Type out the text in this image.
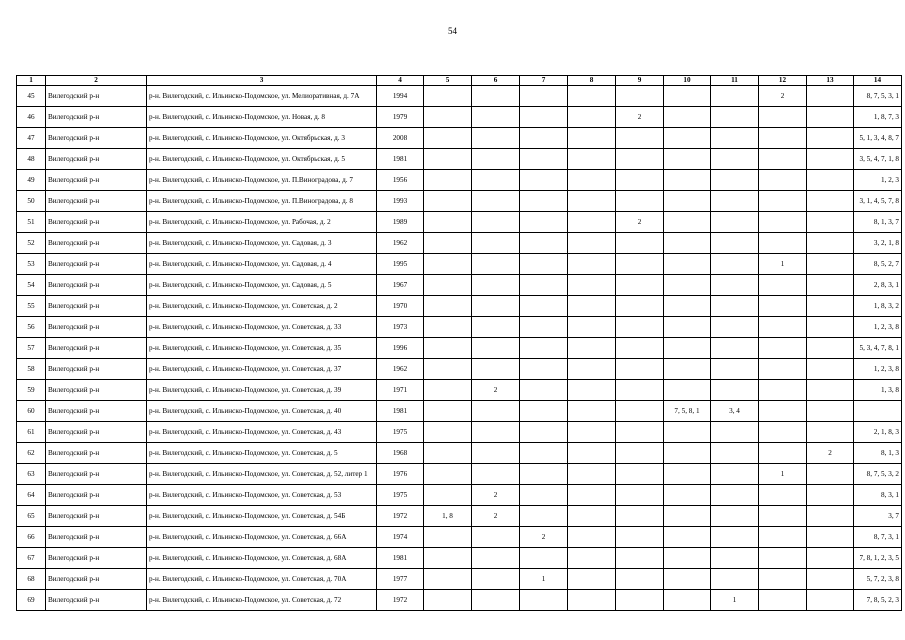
54
1	2	3	4	5	6	7	8	9	10	11	12	13	14
45	Вилегодский р-н	р-н. Вилегодский, с. Ильинско-Подомское, ул. Мелиоративная, д. 7А	1994								2		8, 7, 5, 3, 1
46	Вилегодский р-н	р-н. Вилегодский, с. Ильинско-Подомское, ул. Новая, д. 8	1979					2					1, 8, 7, 3
47	Вилегодский р-н	р-н. Вилегодский, с. Ильинско-Подомское, ул. Октябрьская, д. 3	2008										5, 1, 3, 4, 8, 7
48	Вилегодский р-н	р-н. Вилегодский, с. Ильинско-Подомское, ул. Октябрьская, д. 5	1981										3, 5, 4, 7, 1, 8
49	Вилегодский р-н	р-н. Вилегодский, с. Ильинско-Подомское, ул. П.Виноградова, д. 7	1956										1, 2, 3
50	Вилегодский р-н	р-н. Вилегодский, с. Ильинско-Подомское, ул. П.Виноградова, д. 8	1993										3, 1, 4, 5, 7, 8
51	Вилегодский р-н	р-н. Вилегодский, с. Ильинско-Подомское, ул. Рабочая, д. 2	1989					2					8, 1, 3, 7
52	Вилегодский р-н	р-н. Вилегодский, с. Ильинско-Подомское, ул. Садовая, д. 3	1962										3, 2, 1, 8
53	Вилегодский р-н	р-н. Вилегодский, с. Ильинско-Подомское, ул. Садовая, д. 4	1995								1		8, 5, 2, 7
54	Вилегодский р-н	р-н. Вилегодский, с. Ильинско-Подомское, ул. Садовая, д. 5	1967										2, 8, 3, 1
55	Вилегодский р-н	р-н. Вилегодский, с. Ильинско-Подомское, ул. Советская, д. 2	1970										1, 8, 3, 2
56	Вилегодский р-н	р-н. Вилегодский, с. Ильинско-Подомское, ул. Советская, д. 33	1973										1, 2, 3, 8
57	Вилегодский р-н	р-н. Вилегодский, с. Ильинско-Подомское, ул. Советская, д. 35	1996										5, 3, 4, 7, 8, 1
58	Вилегодский р-н	р-н. Вилегодский, с. Ильинско-Подомское, ул. Советская, д. 37	1962										1, 2, 3, 8
59	Вилегодский р-н	р-н. Вилегодский, с. Ильинско-Подомское, ул. Советская, д. 39	1971		2								1, 3, 8
60	Вилегодский р-н	р-н. Вилегодский, с. Ильинско-Подомское, ул. Советская, д. 40	1981						7, 5, 8, 1	3, 4			
61	Вилегодский р-н	р-н. Вилегодский, с. Ильинско-Подомское, ул. Советская, д. 43	1975										2, 1, 8, 3
62	Вилегодский р-н	р-н. Вилегодский, с. Ильинско-Подомское, ул. Советская, д. 5	1968									2	8, 1, 3
63	Вилегодский р-н	р-н. Вилегодский, с. Ильинско-Подомское, ул. Советская, д. 52, литер 1	1976								1		8, 7, 5, 3, 2
64	Вилегодский р-н	р-н. Вилегодский, с. Ильинско-Подомское, ул. Советская, д. 53	1975		2								8, 3, 1
65	Вилегодский р-н	р-н. Вилегодский, с. Ильинско-Подомское, ул. Советская, д. 54Б	1972	1, 8	2								3, 7
66	Вилегодский р-н	р-н. Вилегодский, с. Ильинско-Подомское, ул. Советская, д. 66А	1974			2							8, 7, 3, 1
67	Вилегодский р-н	р-н. Вилегодский, с. Ильинско-Подомское, ул. Советская, д. 68А	1981										7, 8, 1, 2, 3, 5
68	Вилегодский р-н	р-н. Вилегодский, с. Ильинско-Подомское, ул. Советская, д. 70А	1977			1							5, 7, 2, 3, 8
69	Вилегодский р-н	р-н. Вилегодский, с. Ильинско-Подомское, ул. Советская, д. 72	1972							1			7, 8, 5, 2, 3
